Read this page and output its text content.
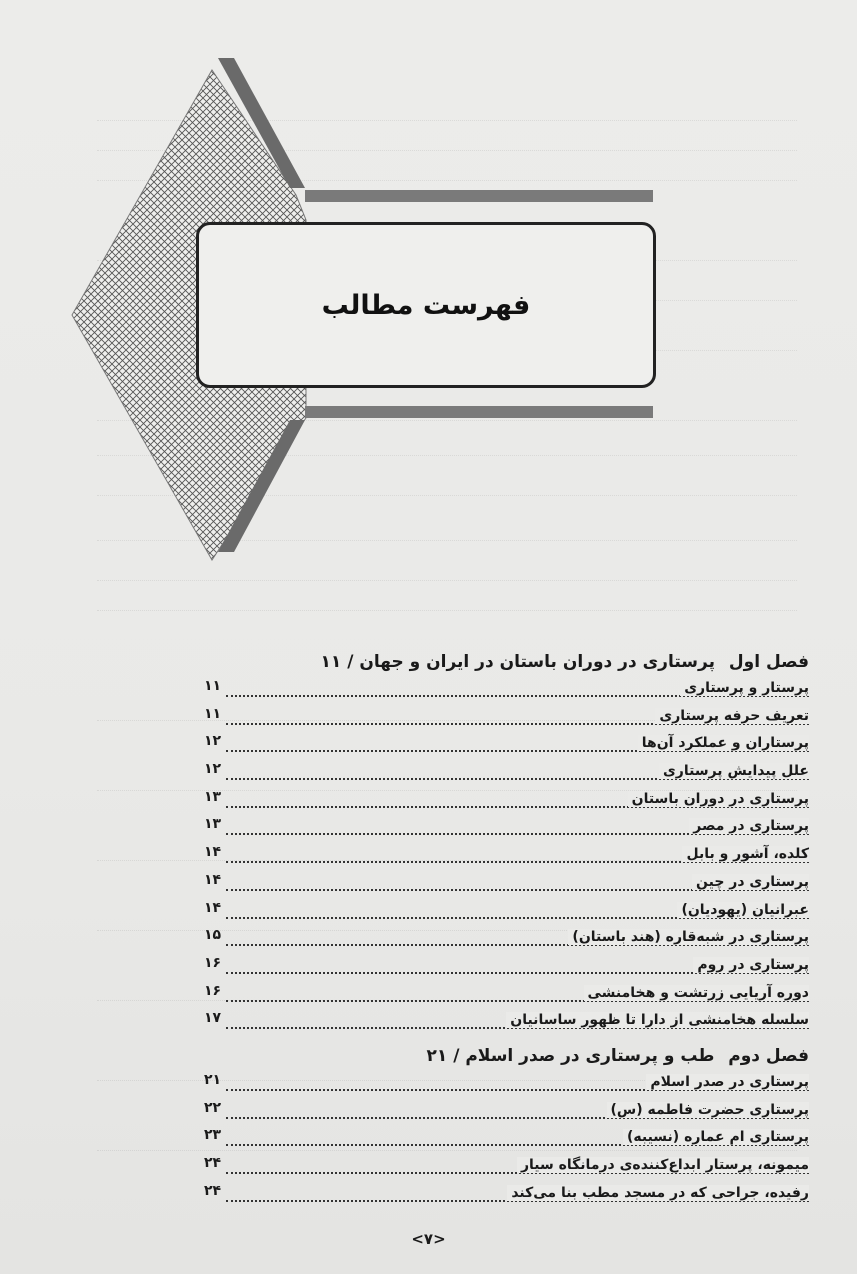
فهرست مطالب
فصل اول پرستاری در دوران باستان در ایران و جهان / ۱۱
پرستار و پرستاری
۱۱
تعریف حرفه پرستاری
۱۱
پرستاران و عملکرد آن‌ها
۱۲
علل پیدایش پرستاری
۱۲
پرستاری در دوران باستان
۱۳
پرستاری در مصر
۱۳
کلده، آشور و بابل
۱۴
پرستاری در چین
۱۴
عبرانیان (یهودیان)
۱۴
پرستاری در شبه‌قاره (هند باستان)
۱۵
پرستاری در روم
۱۶
دوره آریایی زرتشت و هخامنشی
۱۶
سلسله هخامنشی از دارا تا ظهور ساسانیان
۱۷
فصل دوم طب و پرستاری در صدر اسلام / ۲۱
پرستاری در صدر اسلام
۲۱
پرستاری حضرت فاطمه (س)
۲۲
پرستاری ام عماره (نسیبه)
۲۳
میمونه، پرستار ابداع‌کننده‌ی درمانگاه سیار
۲۴
رفیده، جراحی که در مسجد مطب بنا می‌کند
۲۴
<۷>
